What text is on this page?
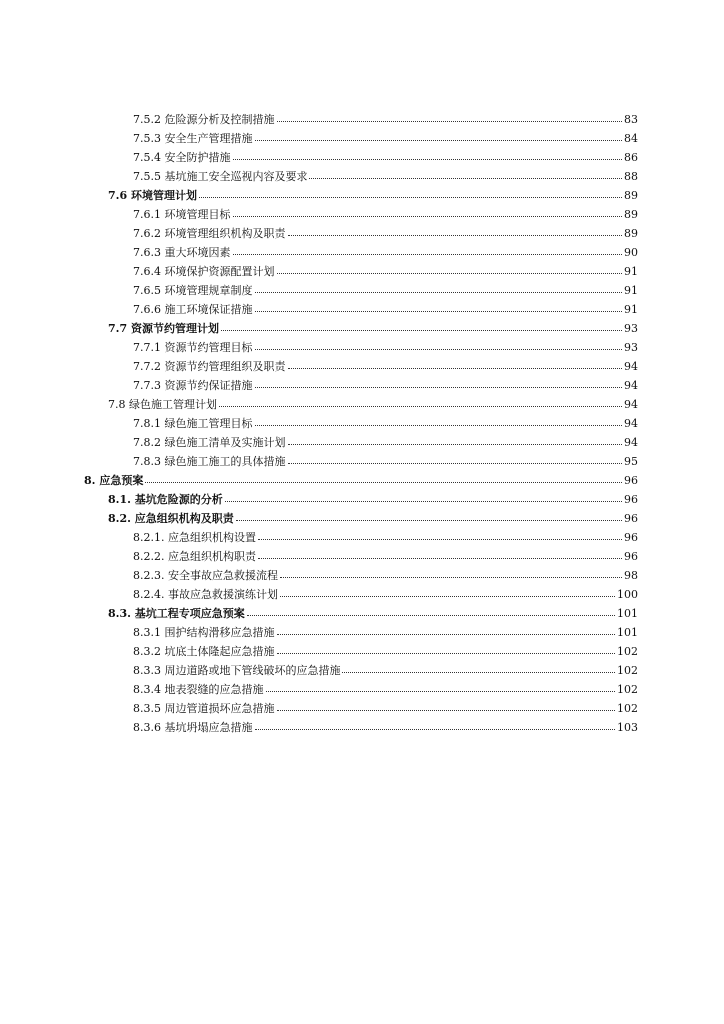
7.5.2 危险源分析及控制措施	83
7.5.3 安全生产管理措施	84
7.5.4 安全防护措施	86
7.5.5 基坑施工安全巡视内容及要求	88
7.6 环境管理计划	89
7.6.1 环境管理目标	89
7.6.2 环境管理组织机构及职责	89
7.6.3 重大环境因素	90
7.6.4 环境保护资源配置计划	91
7.6.5 环境管理规章制度	91
7.6.6 施工环境保证措施	91
7.7 资源节约管理计划	93
7.7.1 资源节约管理目标	93
7.7.2 资源节约管理组织及职责	94
7.7.3 资源节约保证措施	94
7.8 绿色施工管理计划	94
7.8.1 绿色施工管理目标	94
7.8.2 绿色施工清单及实施计划	94
7.8.3 绿色施工施工的具体措施	95
8. 应急预案	96
8.1. 基坑危险源的分析	96
8.2. 应急组织机构及职责	96
8.2.1. 应急组织机构设置	96
8.2.2. 应急组织机构职责	96
8.2.3. 安全事故应急救援流程	98
8.2.4. 事故应急救援演练计划	100
8.3. 基坑工程专项应急预案	101
8.3.1 围护结构滑移应急措施	101
8.3.2 坑底土体隆起应急措施	102
8.3.3 周边道路或地下管线破坏的应急措施	102
8.3.4 地表裂缝的应急措施	102
8.3.5 周边管道损坏应急措施	102
8.3.6 基坑坍塌应急措施	103
